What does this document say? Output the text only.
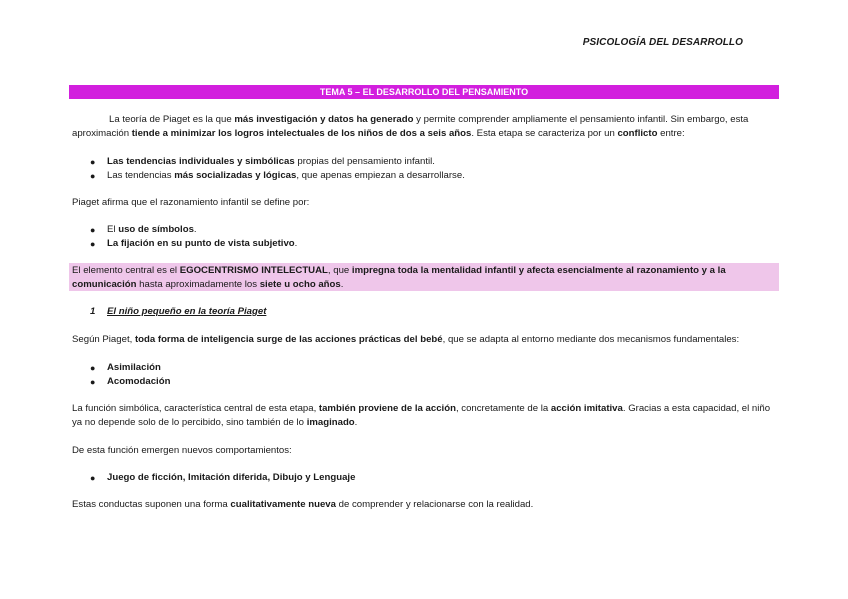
PSICOLOGÍA DEL DESARROLLO
TEMA 5 – EL DESARROLLO DEL PENSAMIENTO

La teoría de Piaget es la que más investigación y datos ha generado y permite comprender ampliamente el pensamiento infantil. Sin embargo, esta aproximación tiende a minimizar los logros intelectuales de los niños de dos a seis años. Esta etapa se caracteriza por un conflicto entre:

●	Las tendencias individuales y simbólicas propias del pensamiento infantil.
●	Las tendencias más socializadas y lógicas, que apenas empiezan a desarrollarse.

Piaget afirma que el razonamiento infantil se define por:

●	El uso de símbolos.
●	La fijación en su punto de vista subjetivo.

El elemento central es el EGOCENTRISMO INTELECTUAL, que impregna toda la mentalidad infantil y afecta esencialmente al razonamiento y a la comunicación hasta aproximadamente los siete u ocho años.

1 El niño pequeño en la teoría Piaget

Según Piaget, toda forma de inteligencia surge de las acciones prácticas del bebé, que se adapta al entorno mediante dos mecanismos fundamentales:

●	Asimilación
●	Acomodación

La función simbólica, característica central de esta etapa, también proviene de la acción, concretamente de la acción imitativa. Gracias a esta capacidad, el niño ya no depende solo de lo percibido, sino también de lo imaginado.

De esta función emergen nuevos comportamientos:

●	Juego de ficción, Imitación diferida, Dibujo y Lenguaje

Estas conductas suponen una forma cualitativamente nueva de comprender y relacionarse con la realidad.
